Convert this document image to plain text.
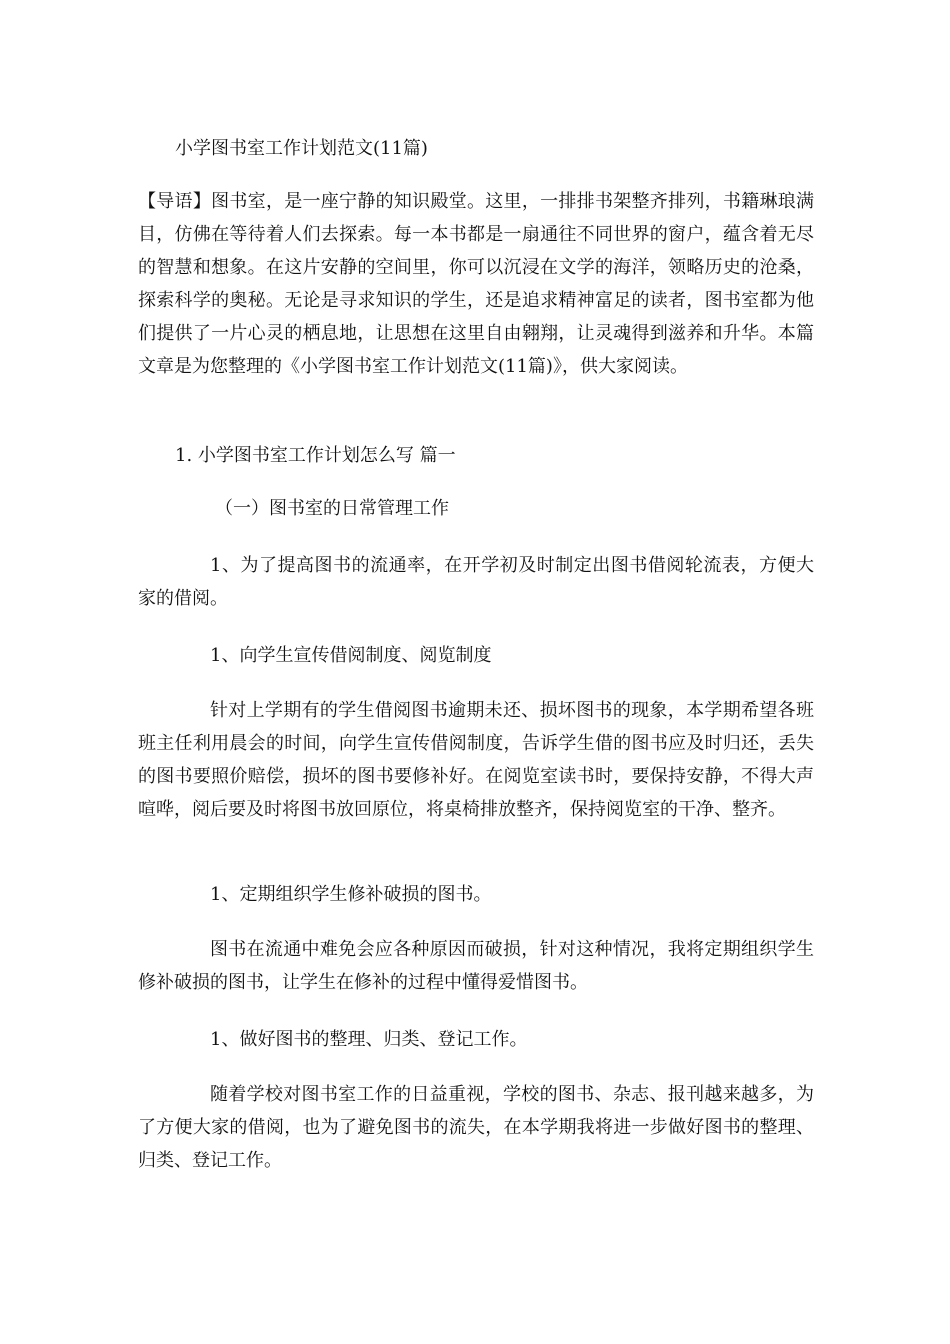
小学图书室工作计划范文(11篇)

【导语】图书室，是一座宁静的知识殿堂。这里，一排排书架整齐排列，书籍琳琅满目，仿佛在等待着人们去探索。每一本书都是一扇通往不同世界的窗户，蕴含着无尽的智慧和想象。在这片安静的空间里，你可以沉浸在文学的海洋，领略历史的沧桑，探索科学的奥秘。无论是寻求知识的学生，还是追求精神富足的读者，图书室都为他们提供了一片心灵的栖息地，让思想在这里自由翱翔，让灵魂得到滋养和升华。本篇文章是为您整理的《小学图书室工作计划范文(11篇)》，供大家阅读。

1. 小学图书室工作计划怎么写 篇一
（一）图书室的日常管理工作

1、为了提高图书的流通率，在开学初及时制定出图书借阅轮流表，方便大家的借阅。

1、向学生宣传借阅制度、阅览制度

针对上学期有的学生借阅图书逾期未还、损坏图书的现象，本学期希望各班班主任利用晨会的时间，向学生宣传借阅制度，告诉学生借的图书应及时归还，丢失的图书要照价赔偿，损坏的图书要修补好。在阅览室读书时，要保持安静，不得大声喧哗，阅后要及时将图书放回原位，将桌椅排放整齐，保持阅览室的干净、整齐。

1、定期组织学生修补破损的图书。

图书在流通中难免会应各种原因而破损，针对这种情况，我将定期组织学生修补破损的图书，让学生在修补的过程中懂得爱惜图书。

1、做好图书的整理、归类、登记工作。

随着学校对图书室工作的日益重视，学校的图书、杂志、报刊越来越多，为了方便大家的借阅，也为了避免图书的流失，在本学期我将进一步做好图书的整理、归类、登记工作。
